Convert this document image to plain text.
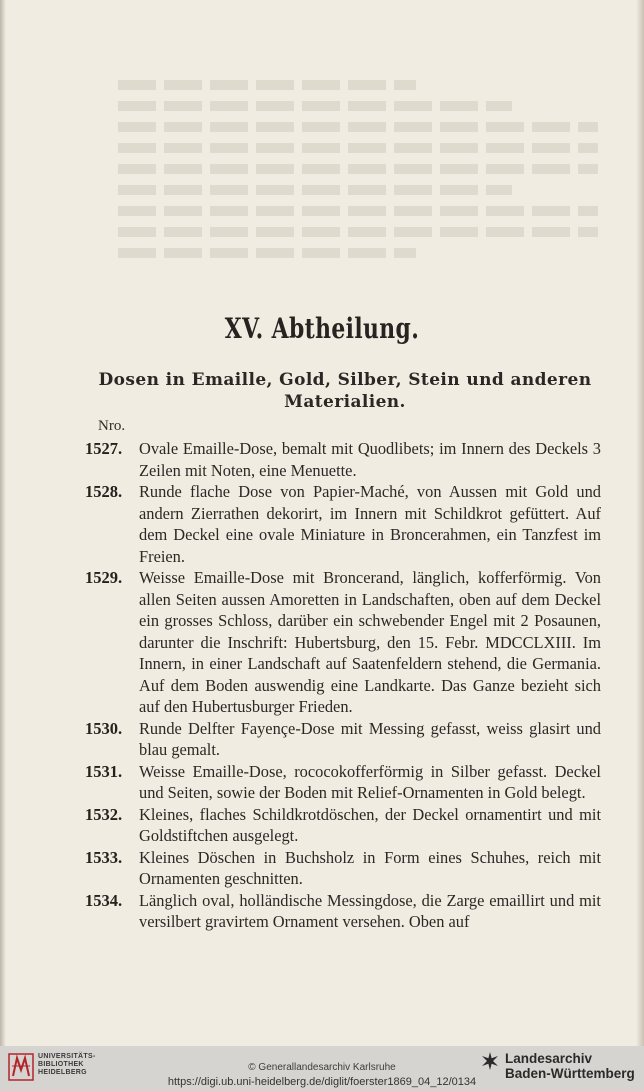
XV. Abtheilung.
Dosen in Emaille, Gold, Silber, Stein und anderen Materialien.
Nro.
1527. Ovale Emaille-Dose, bemalt mit Quodlibets; im Innern des Deckels 3 Zeilen mit Noten, eine Menuette.
1528. Runde flache Dose von Papier-Maché, von Aussen mit Gold und andern Zierrathen dekorirt, im Innern mit Schildkrot gefüttert. Auf dem Deckel eine ovale Miniature in Broncerahmen, ein Tanzfest im Freien.
1529. Weisse Emaille-Dose mit Broncerand, länglich, kofferförmig. Von allen Seiten aussen Amoretten in Landschaften, oben auf dem Deckel ein grosses Schloss, darüber ein schwebender Engel mit 2 Posaunen, darunter die Inschrift: Hubertsburg, den 15. Febr. MDCCLXIII. Im Innern, in einer Landschaft auf Saatenfeldern stehend, die Germania. Auf dem Boden auswendig eine Landkarte. Das Ganze bezieht sich auf den Hubertusburger Frieden.
1530. Runde Delfter Fayençe-Dose mit Messing gefasst, weiss glasirt und blau gemalt.
1531. Weisse Emaille-Dose, rococokofferförmig in Silber gefasst. Deckel und Seiten, sowie der Boden mit Relief-Ornamenten in Gold belegt.
1532. Kleines, flaches Schildkrotdöschen, der Deckel ornamentirt und mit Goldstiftchen ausgelegt.
1533. Kleines Döschen in Buchsholz in Form eines Schuhes, reich mit Ornamenten geschnitten.
1534. Länglich oval, holländische Messingdose, die Zarge emaillirt und mit versilbert gravirtem Ornament versehen. Oben auf
UNIVERSITÄTS-
BIBLIOTHEK
HEIDELBERG	© Generallandesarchiv Karlsruhe
https://digi.ub.uni-heidelberg.de/diglit/foerster1869_04_12/0134
Landesarchiv
Baden-Württemberg
